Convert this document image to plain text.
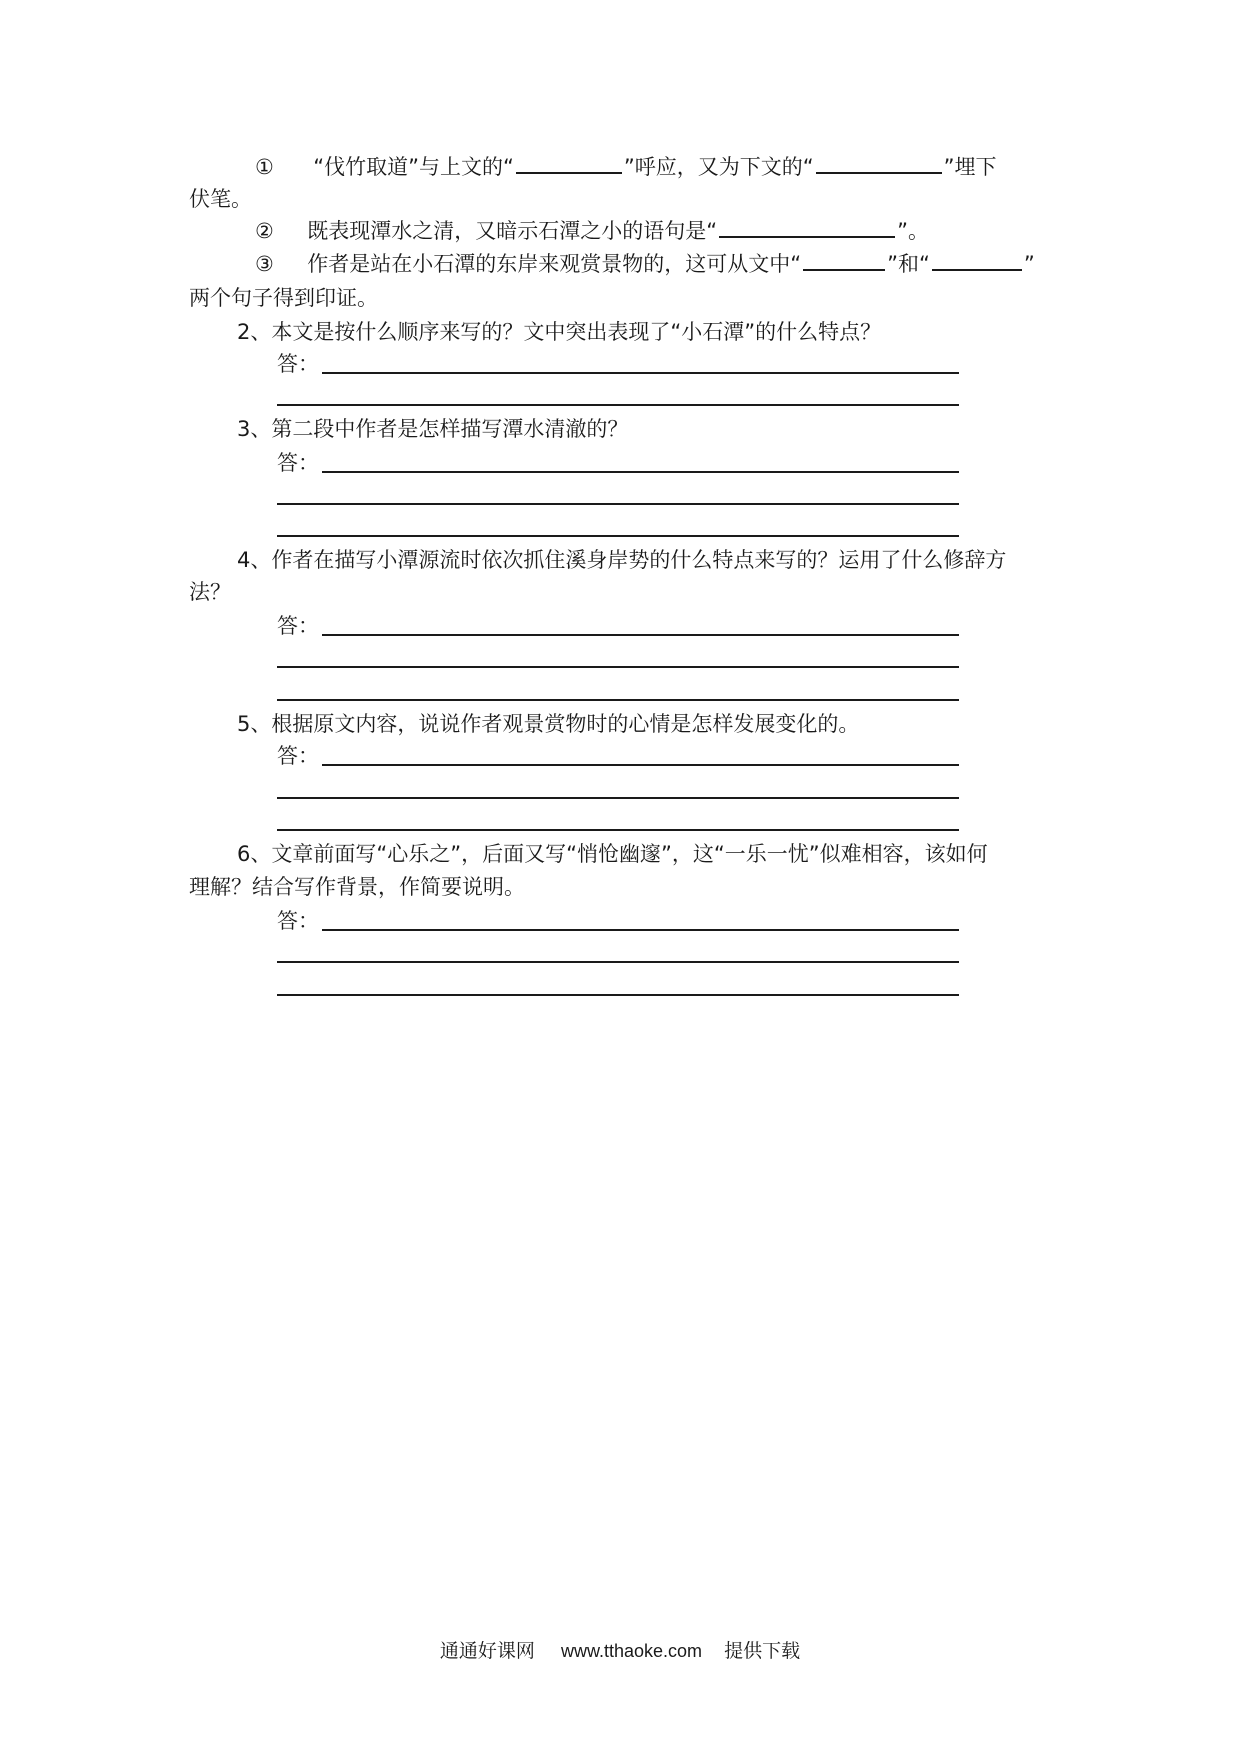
① “伐竹取道”与上文的“	”呼应，又为下文的“	”埋下
伏笔。
② 既表现潭水之清，又暗示石潭之小的语句是“	”。
③ 作者是站在小石潭的东岸来观赏景物的，这可从文中“	”和“	”
两个句子得到印证。
2、本文是按什么顺序来写的？文中突出表现了“小石潭”的什么特点？
答：
3、第二段中作者是怎样描写潭水清澈的？
答：
4、作者在描写小潭源流时依次抓住溪身岸势的什么特点来写的？运用了什么修辞方
法？
答：
5、根据原文内容，说说作者观景赏物时的心情是怎样发展变化的。
答：
6、文章前面写“心乐之”，后面又写“悄怆幽邃”，这“一乐一忧”似难相容，该如何
理解？结合写作背景，作简要说明。
答：
通通好课网 www.tthaoke.com 提供下载
